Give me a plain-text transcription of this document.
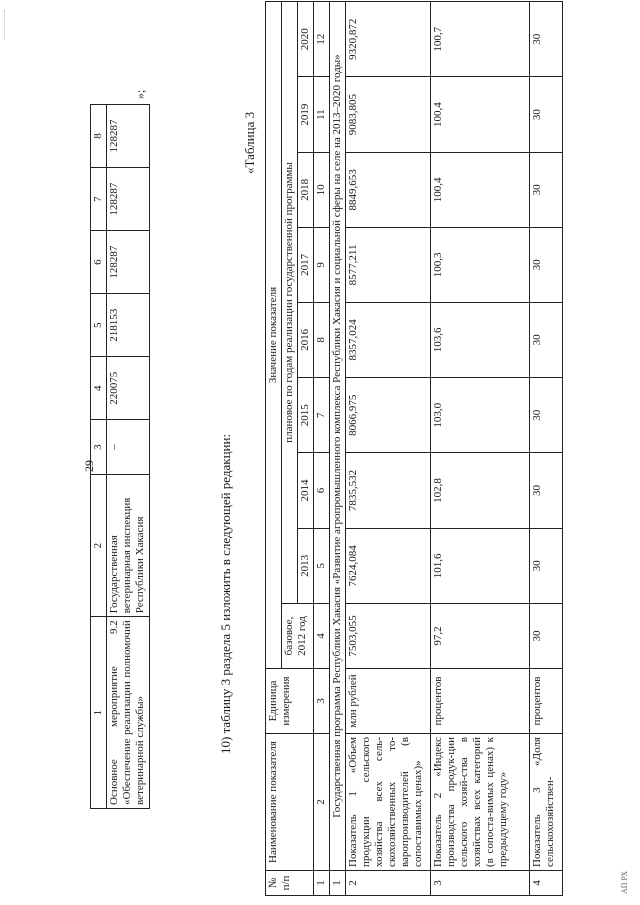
29
1	2	3	4	5	6	7	8
Основное мероприятие 9.2 «Обеспечение реализации полномочий ветеринарной службы»	Государственная ветеринарная инспекция Республики Хакасия	–	220075	218153	128287	128287	128287
»;
10) таблицу 3 раздела 5 изложить в следующей редакции:
«Таблица 3
№ п/п	Наименование показателя	Единица измерения	Значение показателя								
			базовое, 2012 год	плановое по годам реализации государственной программы							
				2013	2014	2015	2016	2017	2018	2019	2020
1	2	3	4	5	6	7	8	9	10	11	12
1	Государственная программа Республики Хакасия «Развитие агропромышленного комплекса Республики Хакасия и социальной сферы на селе на 2013–2020 годы»										
2	Показатель 1 «Объем продукции сельского хозяйства всех сель-скохозяйственных то-варопроизводителей (в сопоставимых ценах)»	млн рублей	7503,055	7624,084	7835,532	8066,975	8357,024	8577,211	8849,653	9083,805	9320,872
3	Показатель 2 «Индекс производства продук-ции сельского хозяй-ства в хозяйствах всех категорий (в сопоста-вимых ценах) к предыдущему году»	процентов	97,2	101,6	102,8	103,0	103,6	100,3	100,4	100,4	100,7
4	Показатель 3 «Доля сельскохозяйствен-	процентов	30	30	30	30	30	30	30	30	30
АП РХ
